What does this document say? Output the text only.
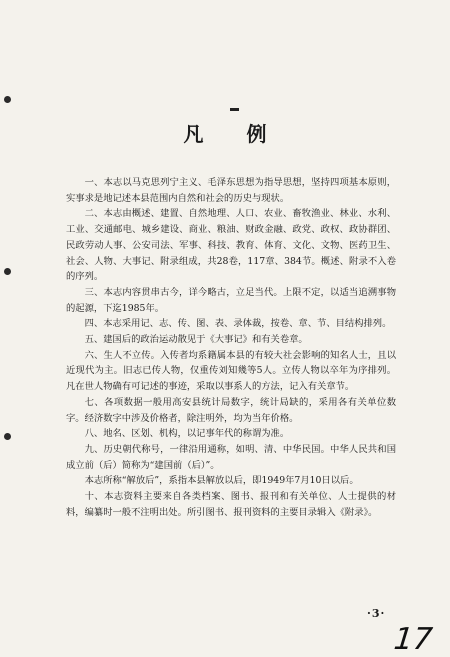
凡 例

一、本志以马克思列宁主义、毛泽东思想为指导思想，坚持四项基本原则，实事求是地记述本县范围内自然和社会的历史与现状。

二、本志由概述、建置、自然地理、人口、农业、畜牧渔业、林业、水利、工业、交通邮电、城乡建设、商业、粮油、财政金融、政党、政权、政协群团、民政劳动人事、公安司法、军事、科技、教育、体育、文化、文物、医药卫生、社会、人物、大事记、附录组成，共28卷，117章、384节。概述、附录不入卷的序列。

三、本志内容贯串古今，详今略古，立足当代。上限不定，以适当追溯事物的起源，下迄1985年。

四、本志采用记、志、传、图、表、录体裁，按卷、章、节、目结构排列。

五、建国后的政治运动散见于《大事记》和有关卷章。

六、生人不立传。入传者均系籍属本县的有较大社会影响的知名人士，且以近现代为主。旧志已传人物，仅重传刘知幾等5人。立传人物以卒年为序排列。凡在世人物确有可记述的事迹，采取以事系人的方法，记入有关章节。

七、各项数据一般用高安县统计局数字，统计局缺的，采用各有关单位数字。经济数字中涉及价格者，除注明外，均为当年价格。

八、地名、区划、机构，以记事年代的称谓为准。

九、历史朝代称号，一律沿用通称，如明、清、中华民国。中华人民共和国成立前（后）简称为“建国前（后）”。

本志所称“解放后”，系指本县解放以后，即1949年7月10日以后。

十、本志资料主要来自各类档案、图书、报刊和有关单位、人士提供的材料，编纂时一般不注明出处。所引图书、报刊资料的主要目录辑入《附录》。

·3·
17
